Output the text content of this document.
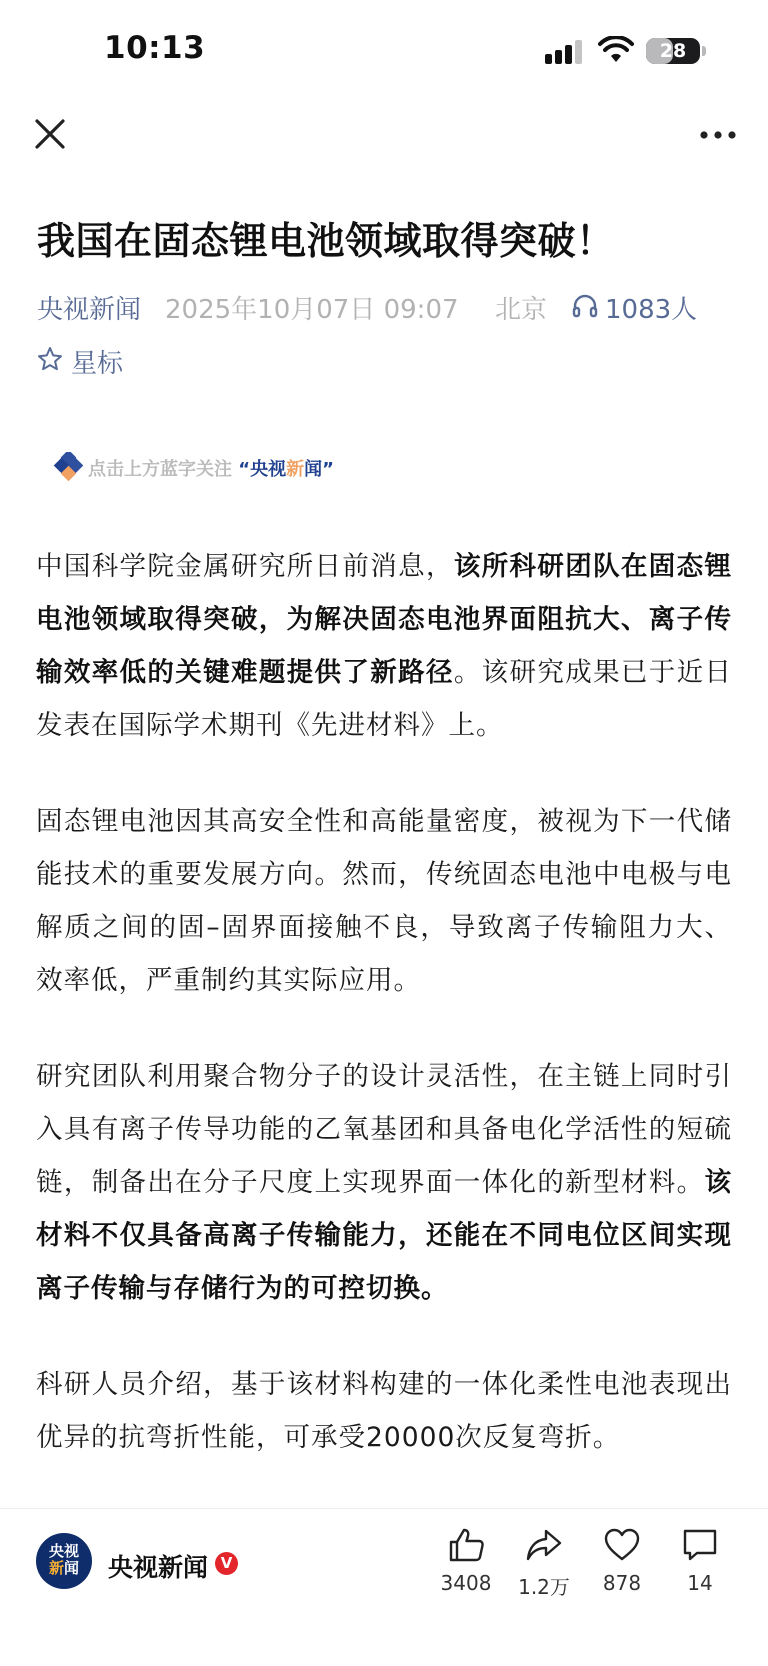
10:13	28
我国在固态锂电池领域取得突破！
央视新闻 2025年10月07日 09:07 北京 1083人
星标
点击上方蓝字关注 “央视新闻”

中国科学院金属研究所日前消息，该所科研团队在固态锂电池领域取得突破，为解决固态电池界面阻抗大、离子传输效率低的关键难题提供了新路径。该研究成果已于近日发表在国际学术期刊《先进材料》上。

固态锂电池因其高安全性和高能量密度，被视为下一代储能技术的重要发展方向。然而，传统固态电池中电极与电解质之间的固–固界面接触不良，导致离子传输阻力大、效率低，严重制约其实际应用。

研究团队利用聚合物分子的设计灵活性，在主链上同时引入具有离子传导功能的乙氧基团和具备电化学活性的短硫链，制备出在分子尺度上实现界面一体化的新型材料。该材料不仅具备高离子传输能力，还能在不同电位区间实现离子传输与存储行为的可控切换。

科研人员介绍，基于该材料构建的一体化柔性电池表现出优异的抗弯折性能，可承受20000次反复弯折。

央视
新闻	央视新闻 V
3408	1.2万	878	14
